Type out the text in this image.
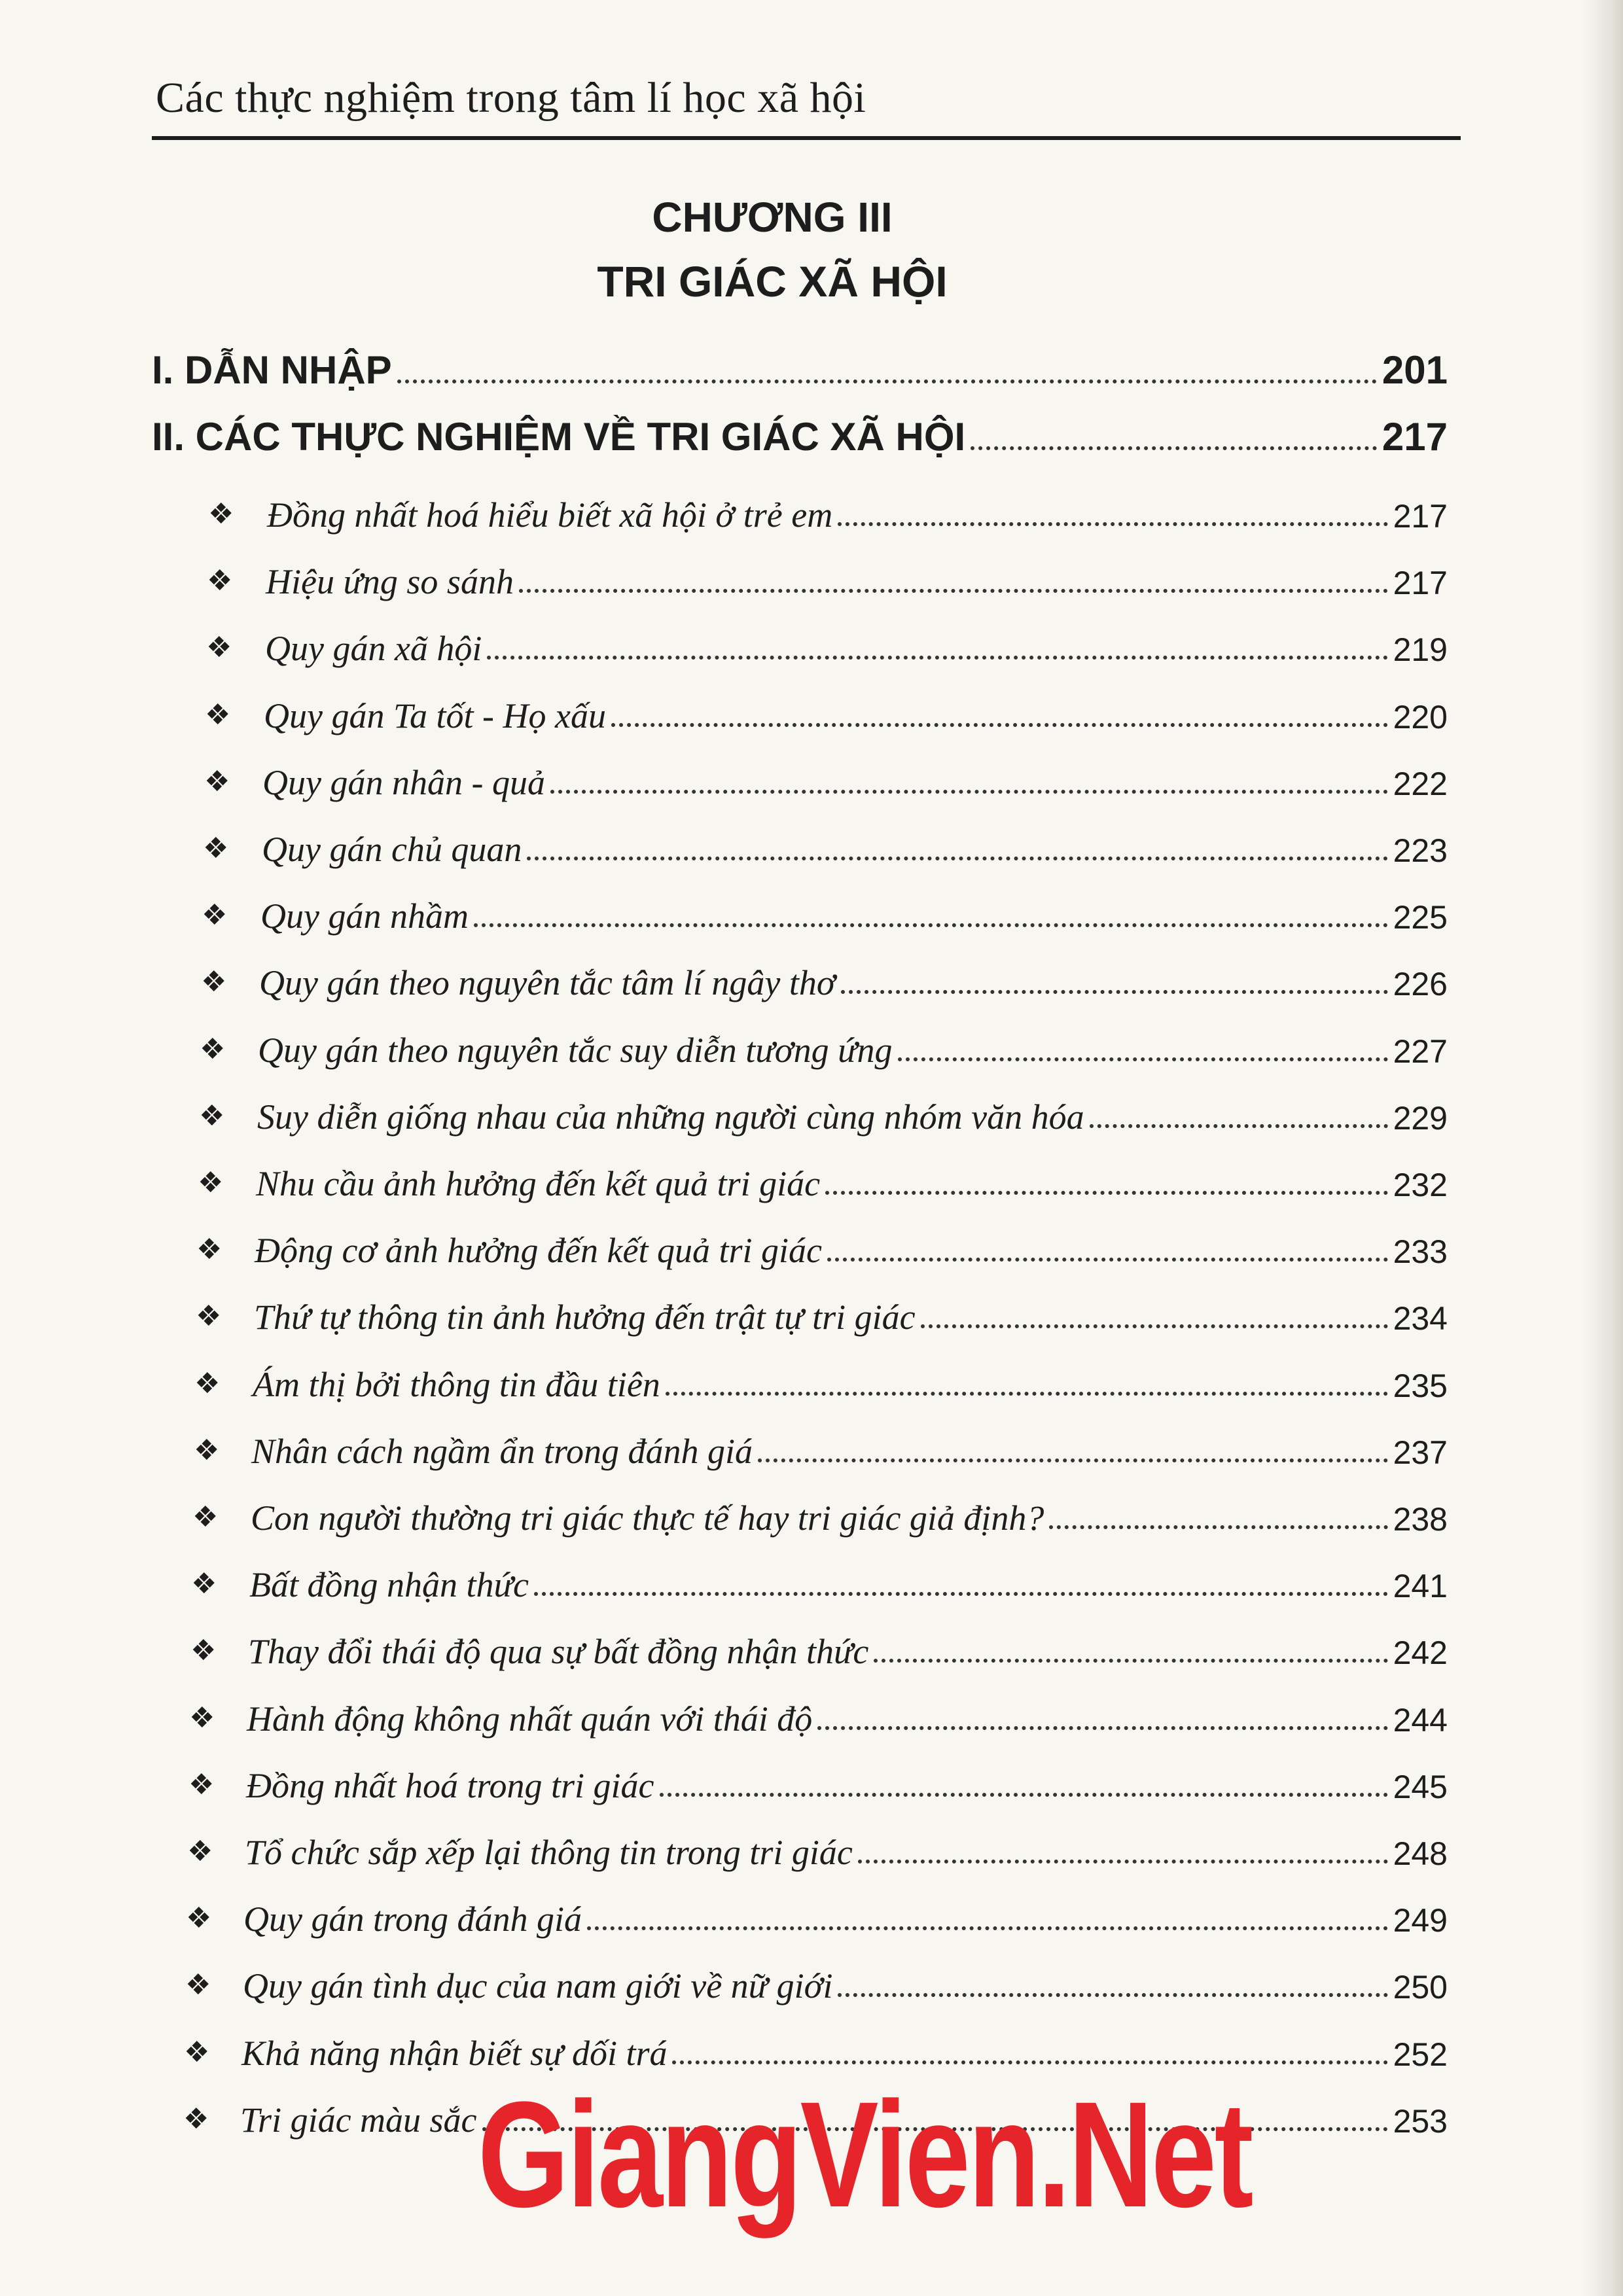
Các thực nghiệm trong tâm lí học xã hội
CHƯƠNG III
TRI GIÁC XÃ HỘI
I. DẪN NHẬP	201
II. CÁC THỰC NGHIỆM VỀ TRI GIÁC XÃ HỘI	217
❖ Đồng nhất hoá hiểu biết xã hội ở trẻ em	217
❖ Hiệu ứng so sánh	217
❖ Quy gán xã hội	219
❖ Quy gán Ta tốt - Họ xấu	220
❖ Quy gán nhân - quả	222
❖ Quy gán chủ quan	223
❖ Quy gán nhầm	225
❖ Quy gán theo nguyên tắc tâm lí ngây thơ	226
❖ Quy gán theo nguyên tắc suy diễn tương ứng	227
❖ Suy diễn giống nhau của những người cùng nhóm văn hóa	229
❖ Nhu cầu ảnh hưởng đến kết quả tri giác	232
❖ Động cơ ảnh hưởng đến kết quả tri giác	233
❖ Thứ tự thông tin ảnh hưởng đến trật tự tri giác	234
❖ Ám thị bởi thông tin đầu tiên	235
❖ Nhân cách ngầm ẩn trong đánh giá	237
❖ Con người thường tri giác thực tế hay tri giác giả định?	238
❖ Bất đồng nhận thức	241
❖ Thay đổi thái độ qua sự bất đồng nhận thức	242
❖ Hành động không nhất quán với thái độ	244
❖ Đồng nhất hoá trong tri giác	245
❖ Tổ chức sắp xếp lại thông tin trong tri giác	248
❖ Quy gán trong đánh giá	249
❖ Quy gán tình dục của nam giới về nữ giới	250
❖ Khả năng nhận biết sự dối trá	252
❖ Tri giác màu sắc	253
GiangVien.Net
